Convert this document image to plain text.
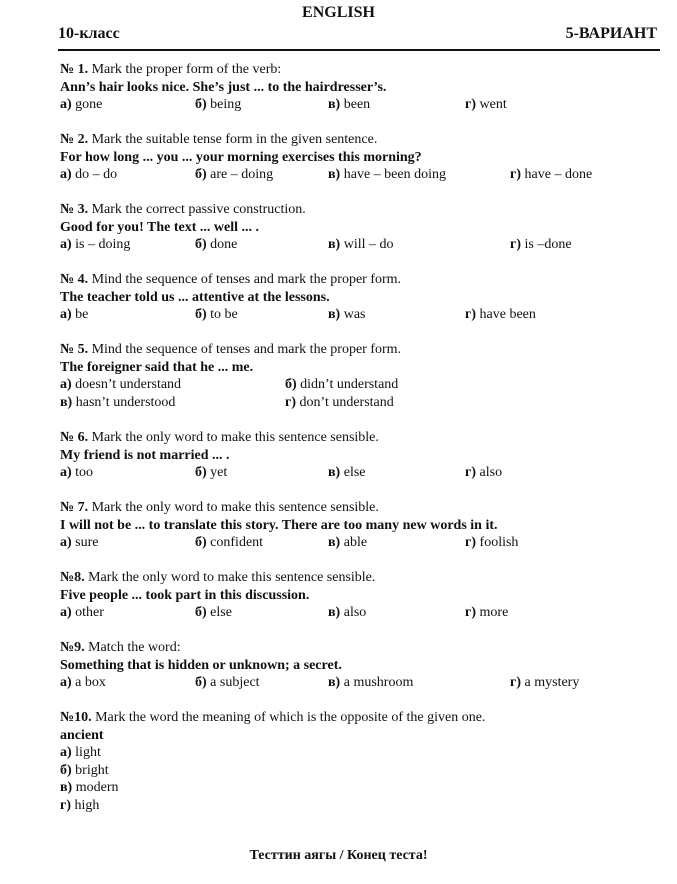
ENGLISH
10-класс	5-ВАРИАНТ
№ 1. Mark the proper form of the verb:
Ann’s hair looks nice. She’s just ... to the hairdresser’s.
а) gone	б) being	в) been	г) went
№ 2. Mark the suitable tense form in the given sentence.
For how long ... you ... your morning exercises this morning?
а) do – do	б) are – doing	в) have – been doing	г) have – done
№ 3. Mark the correct passive construction.
Good for you! The text ... well ... .
а) is – doing	б) done	в) will – do	г) is –done
№ 4. Mind the sequence of tenses and mark the proper form.
The teacher told us ... attentive at the lessons.
а) be	б) to be	в) was	г) have been
№ 5. Mind the sequence of tenses and mark the proper form.
The foreigner said that he ... me.
а) doesn’t understand	б) didn’t understand
в) hasn’t understood	г) don’t understand
№ 6. Mark the only word to make this sentence sensible.
My friend is not married ... .
а) too	б) yet	в) else	г) also
№ 7. Mark the only word to make this sentence sensible.
I will not be ... to translate this story. There are too many new words in it.
а) sure	б) confident	в) able	г) foolish
№8. Mark the only word to make this sentence sensible.
Five people ... took part in this discussion.
а) other	б) else	в) also	г) more
№9. Match the word:
Something that is hidden or unknown; a secret.
а) a box	б) a subject	в) a mushroom	г) a mystery
№10. Mark the word the meaning of which is the opposite of the given one.
ancient
а) light
б) bright
в) modern
г) high
Тесттин аягы / Конец теста!
